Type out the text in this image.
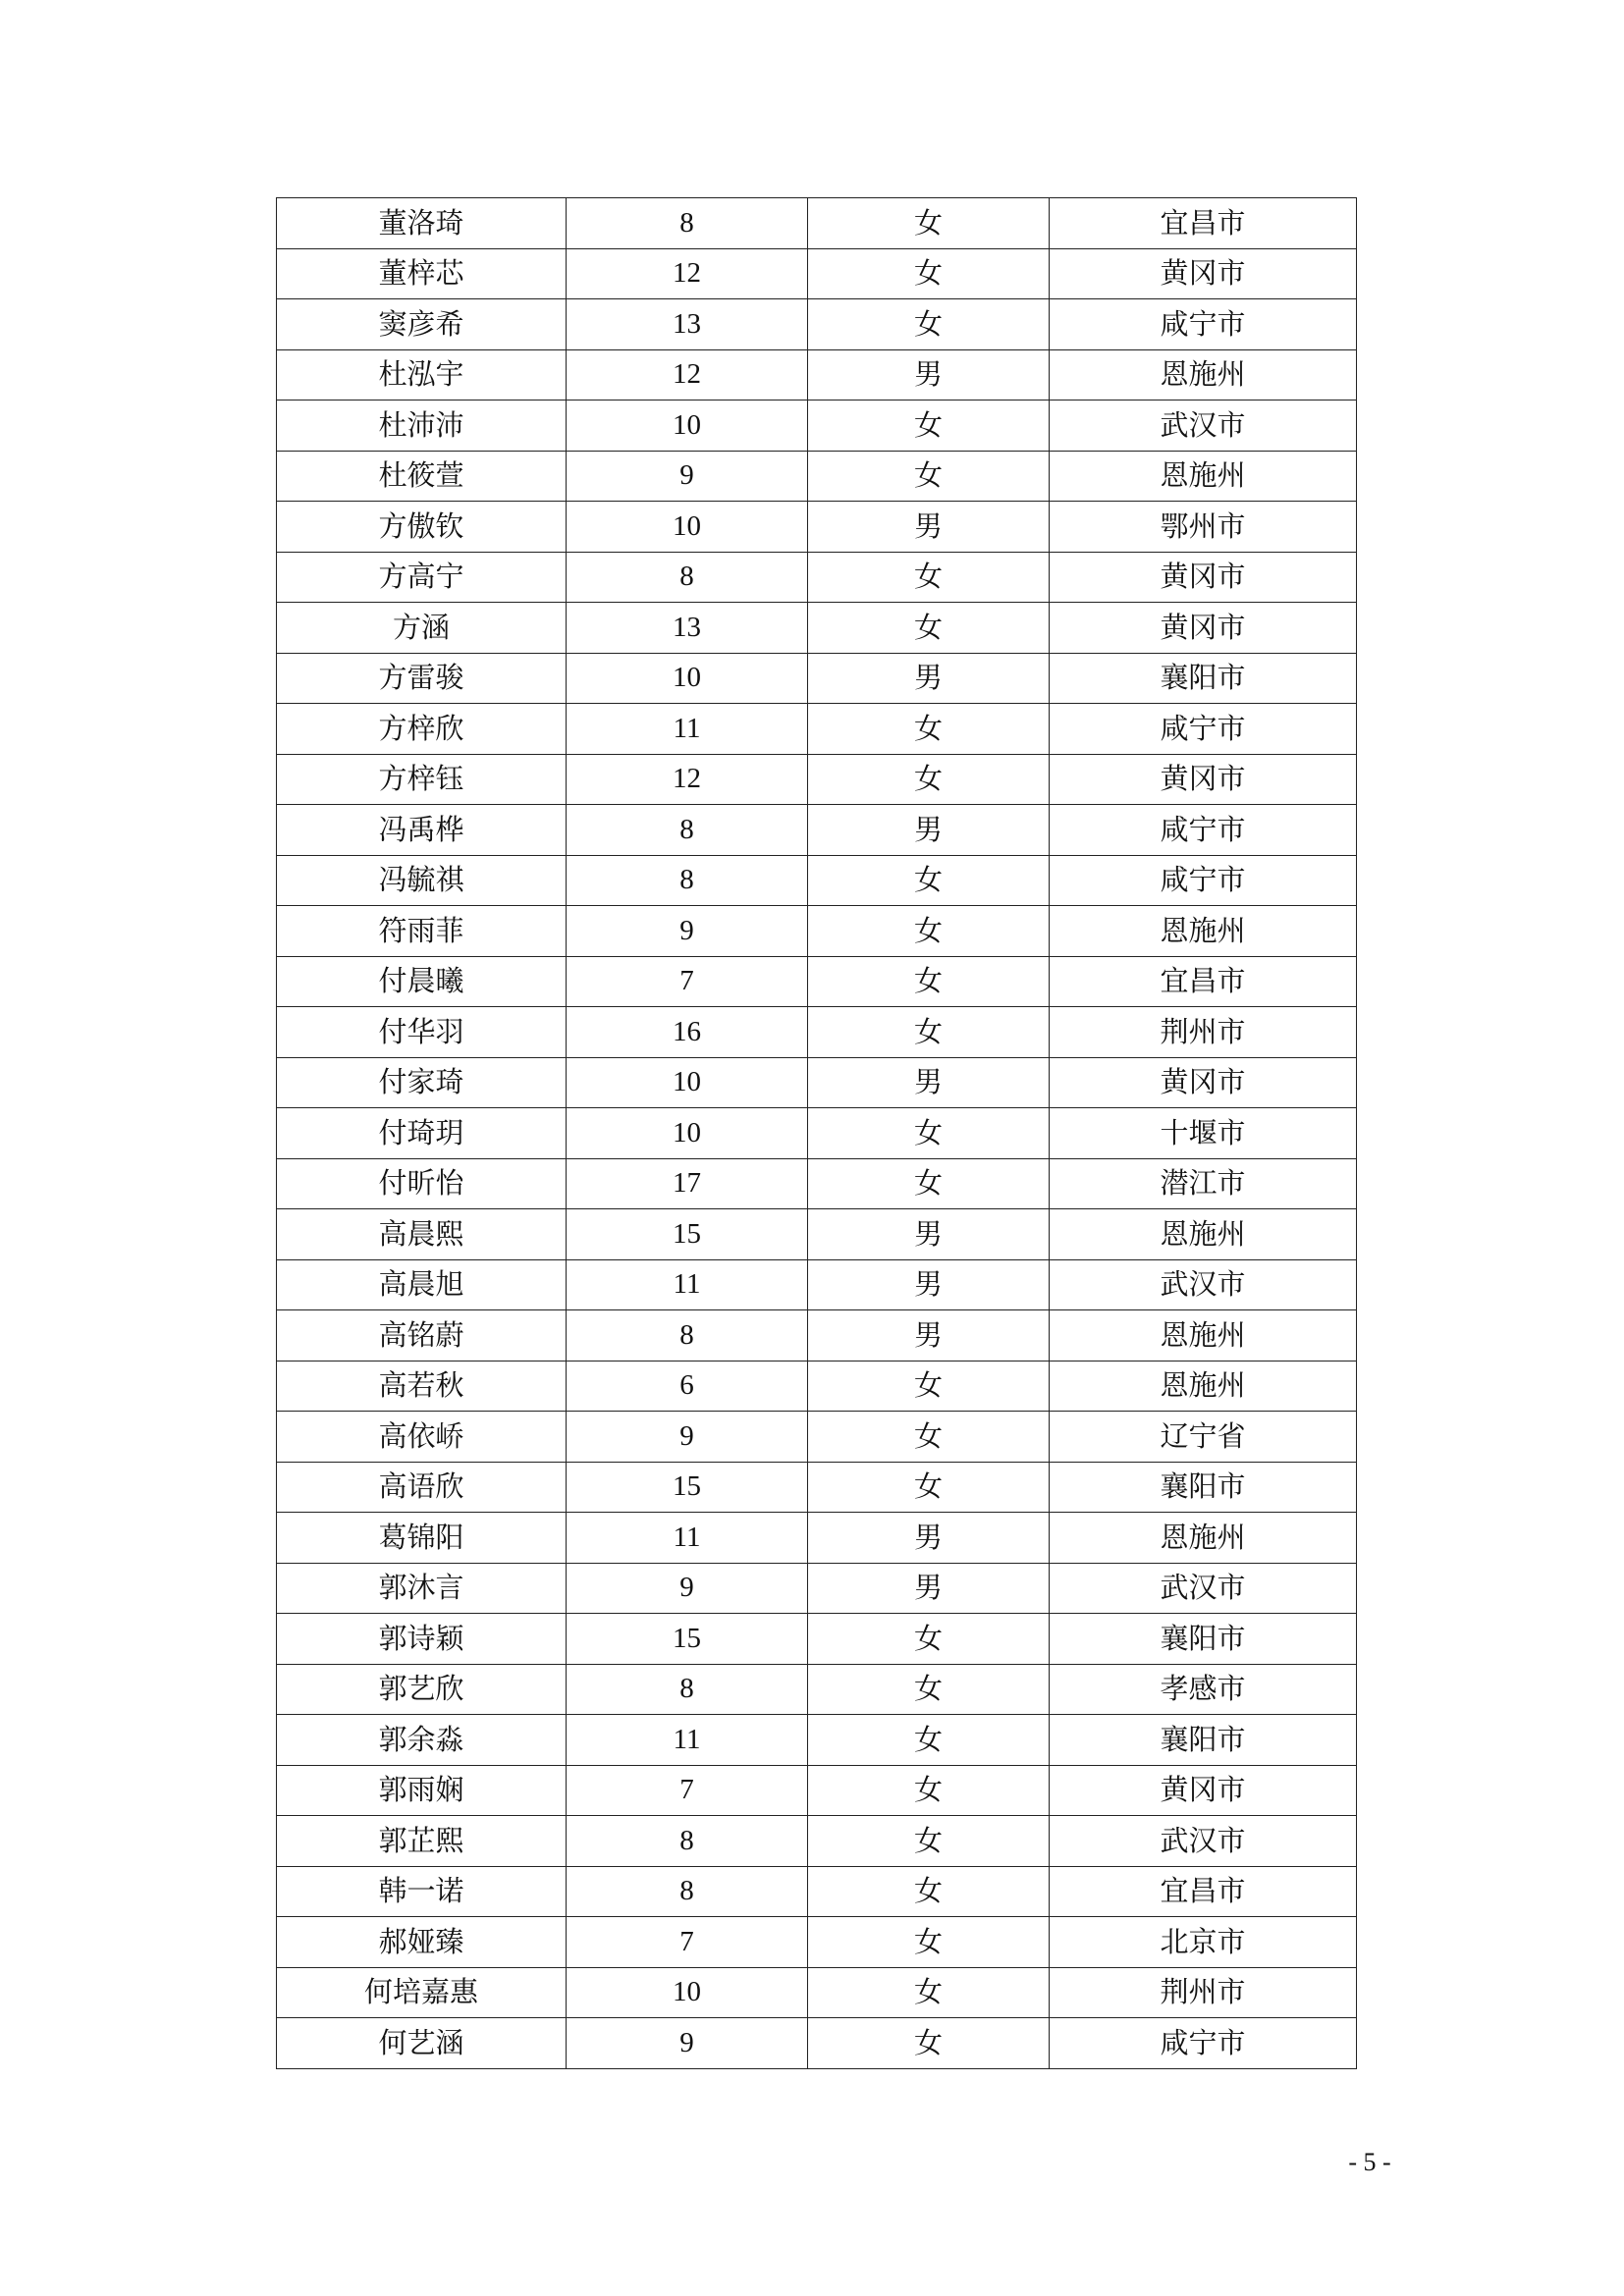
董洛琦	8	女	宜昌市
董梓芯	12	女	黄冈市
窦彦希	13	女	咸宁市
杜泓宇	12	男	恩施州
杜沛沛	10	女	武汉市
杜筱萱	9	女	恩施州
方傲钦	10	男	鄂州市
方高宁	8	女	黄冈市
方涵	13	女	黄冈市
方雷骏	10	男	襄阳市
方梓欣	11	女	咸宁市
方梓钰	12	女	黄冈市
冯禹桦	8	男	咸宁市
冯毓祺	8	女	咸宁市
符雨菲	9	女	恩施州
付晨曦	7	女	宜昌市
付华羽	16	女	荆州市
付家琦	10	男	黄冈市
付琦玥	10	女	十堰市
付昕怡	17	女	潜江市
高晨熙	15	男	恩施州
高晨旭	11	男	武汉市
高铭蔚	8	男	恩施州
高若秋	6	女	恩施州
高依峤	9	女	辽宁省
高语欣	15	女	襄阳市
葛锦阳	11	男	恩施州
郭沐言	9	男	武汉市
郭诗颖	15	女	襄阳市
郭艺欣	8	女	孝感市
郭余淼	11	女	襄阳市
郭雨娴	7	女	黄冈市
郭芷熙	8	女	武汉市
韩一诺	8	女	宜昌市
郝娅臻	7	女	北京市
何培嘉惠	10	女	荆州市
何艺涵	9	女	咸宁市
- 5 -
